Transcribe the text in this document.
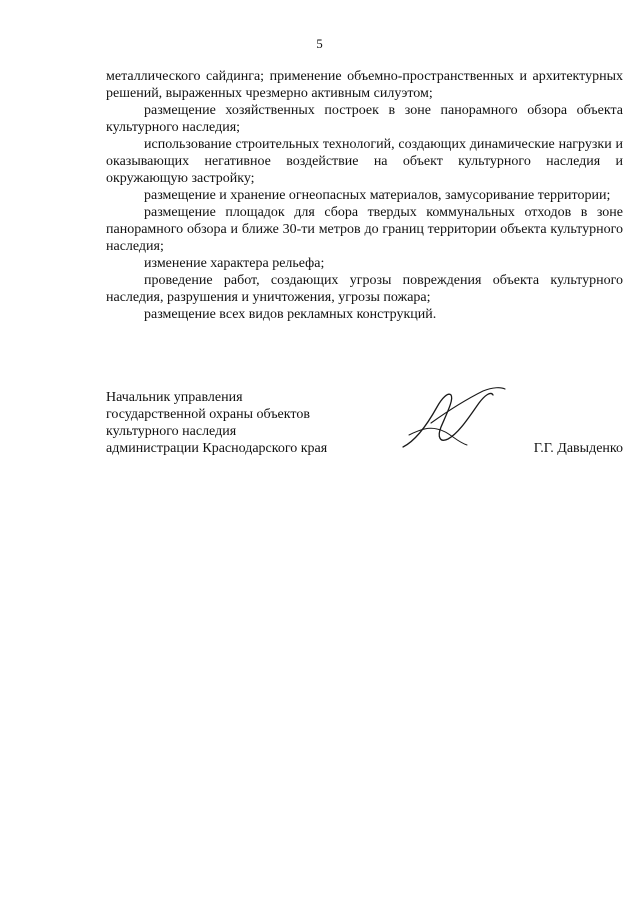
5

металлического сайдинга; применение объемно-пространственных и архитектурных решений, выраженных чрезмерно активным силуэтом;

размещение хозяйственных построек в зоне панорамного обзора объекта культурного наследия;

использование строительных технологий, создающих динамические нагрузки и оказывающих негативное воздействие на объект культурного наследия и окружающую застройку;

размещение и хранение огнеопасных материалов, замусоривание территории;

размещение площадок для сбора твердых коммунальных отходов в зоне панорамного обзора и ближе 30-ти метров до границ территории объекта культурного наследия;

изменение характера рельефа;

проведение работ, создающих угрозы повреждения объекта культурного наследия, разрушения и уничтожения, угрозы пожара;

размещение всех видов рекламных конструкций.

Начальник управления
государственной охраны объектов
культурного наследия
администрации Краснодарского края	Г.Г. Давыденко
